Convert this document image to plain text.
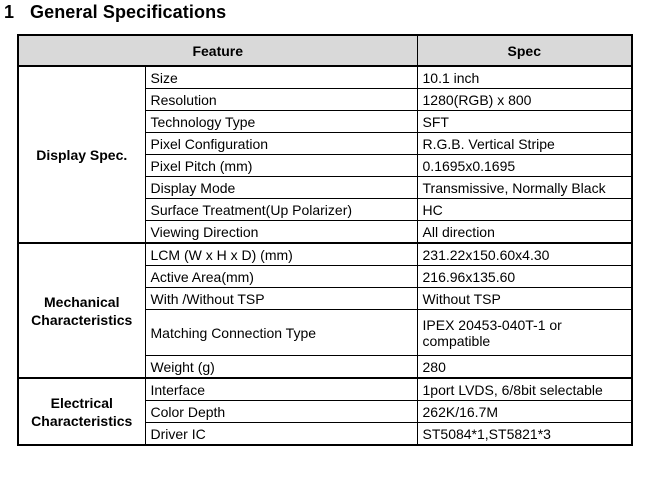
1 General Specifications
Feature		Spec
Display Spec.	Size	10.1 inch
	Resolution	1280(RGB) x 800
	Technology Type	SFT
	Pixel Configuration	R.G.B. Vertical Stripe
	Pixel Pitch (mm)	0.1695x0.1695
	Display Mode	Transmissive, Normally Black
	Surface Treatment(Up Polarizer)	HC
	Viewing Direction	All direction
Mechanical Characteristics	LCM (W x H x D) (mm)	231.22x150.60x4.30
	Active Area(mm)	216.96x135.60
	With /Without TSP	Without TSP
	Matching Connection Type	IPEX 20453-040T-1 or compatible
	Weight (g)	280
Electrical Characteristics	Interface	1port LVDS, 6/8bit selectable
	Color Depth	262K/16.7M
	Driver IC	ST5084*1,ST5821*3
